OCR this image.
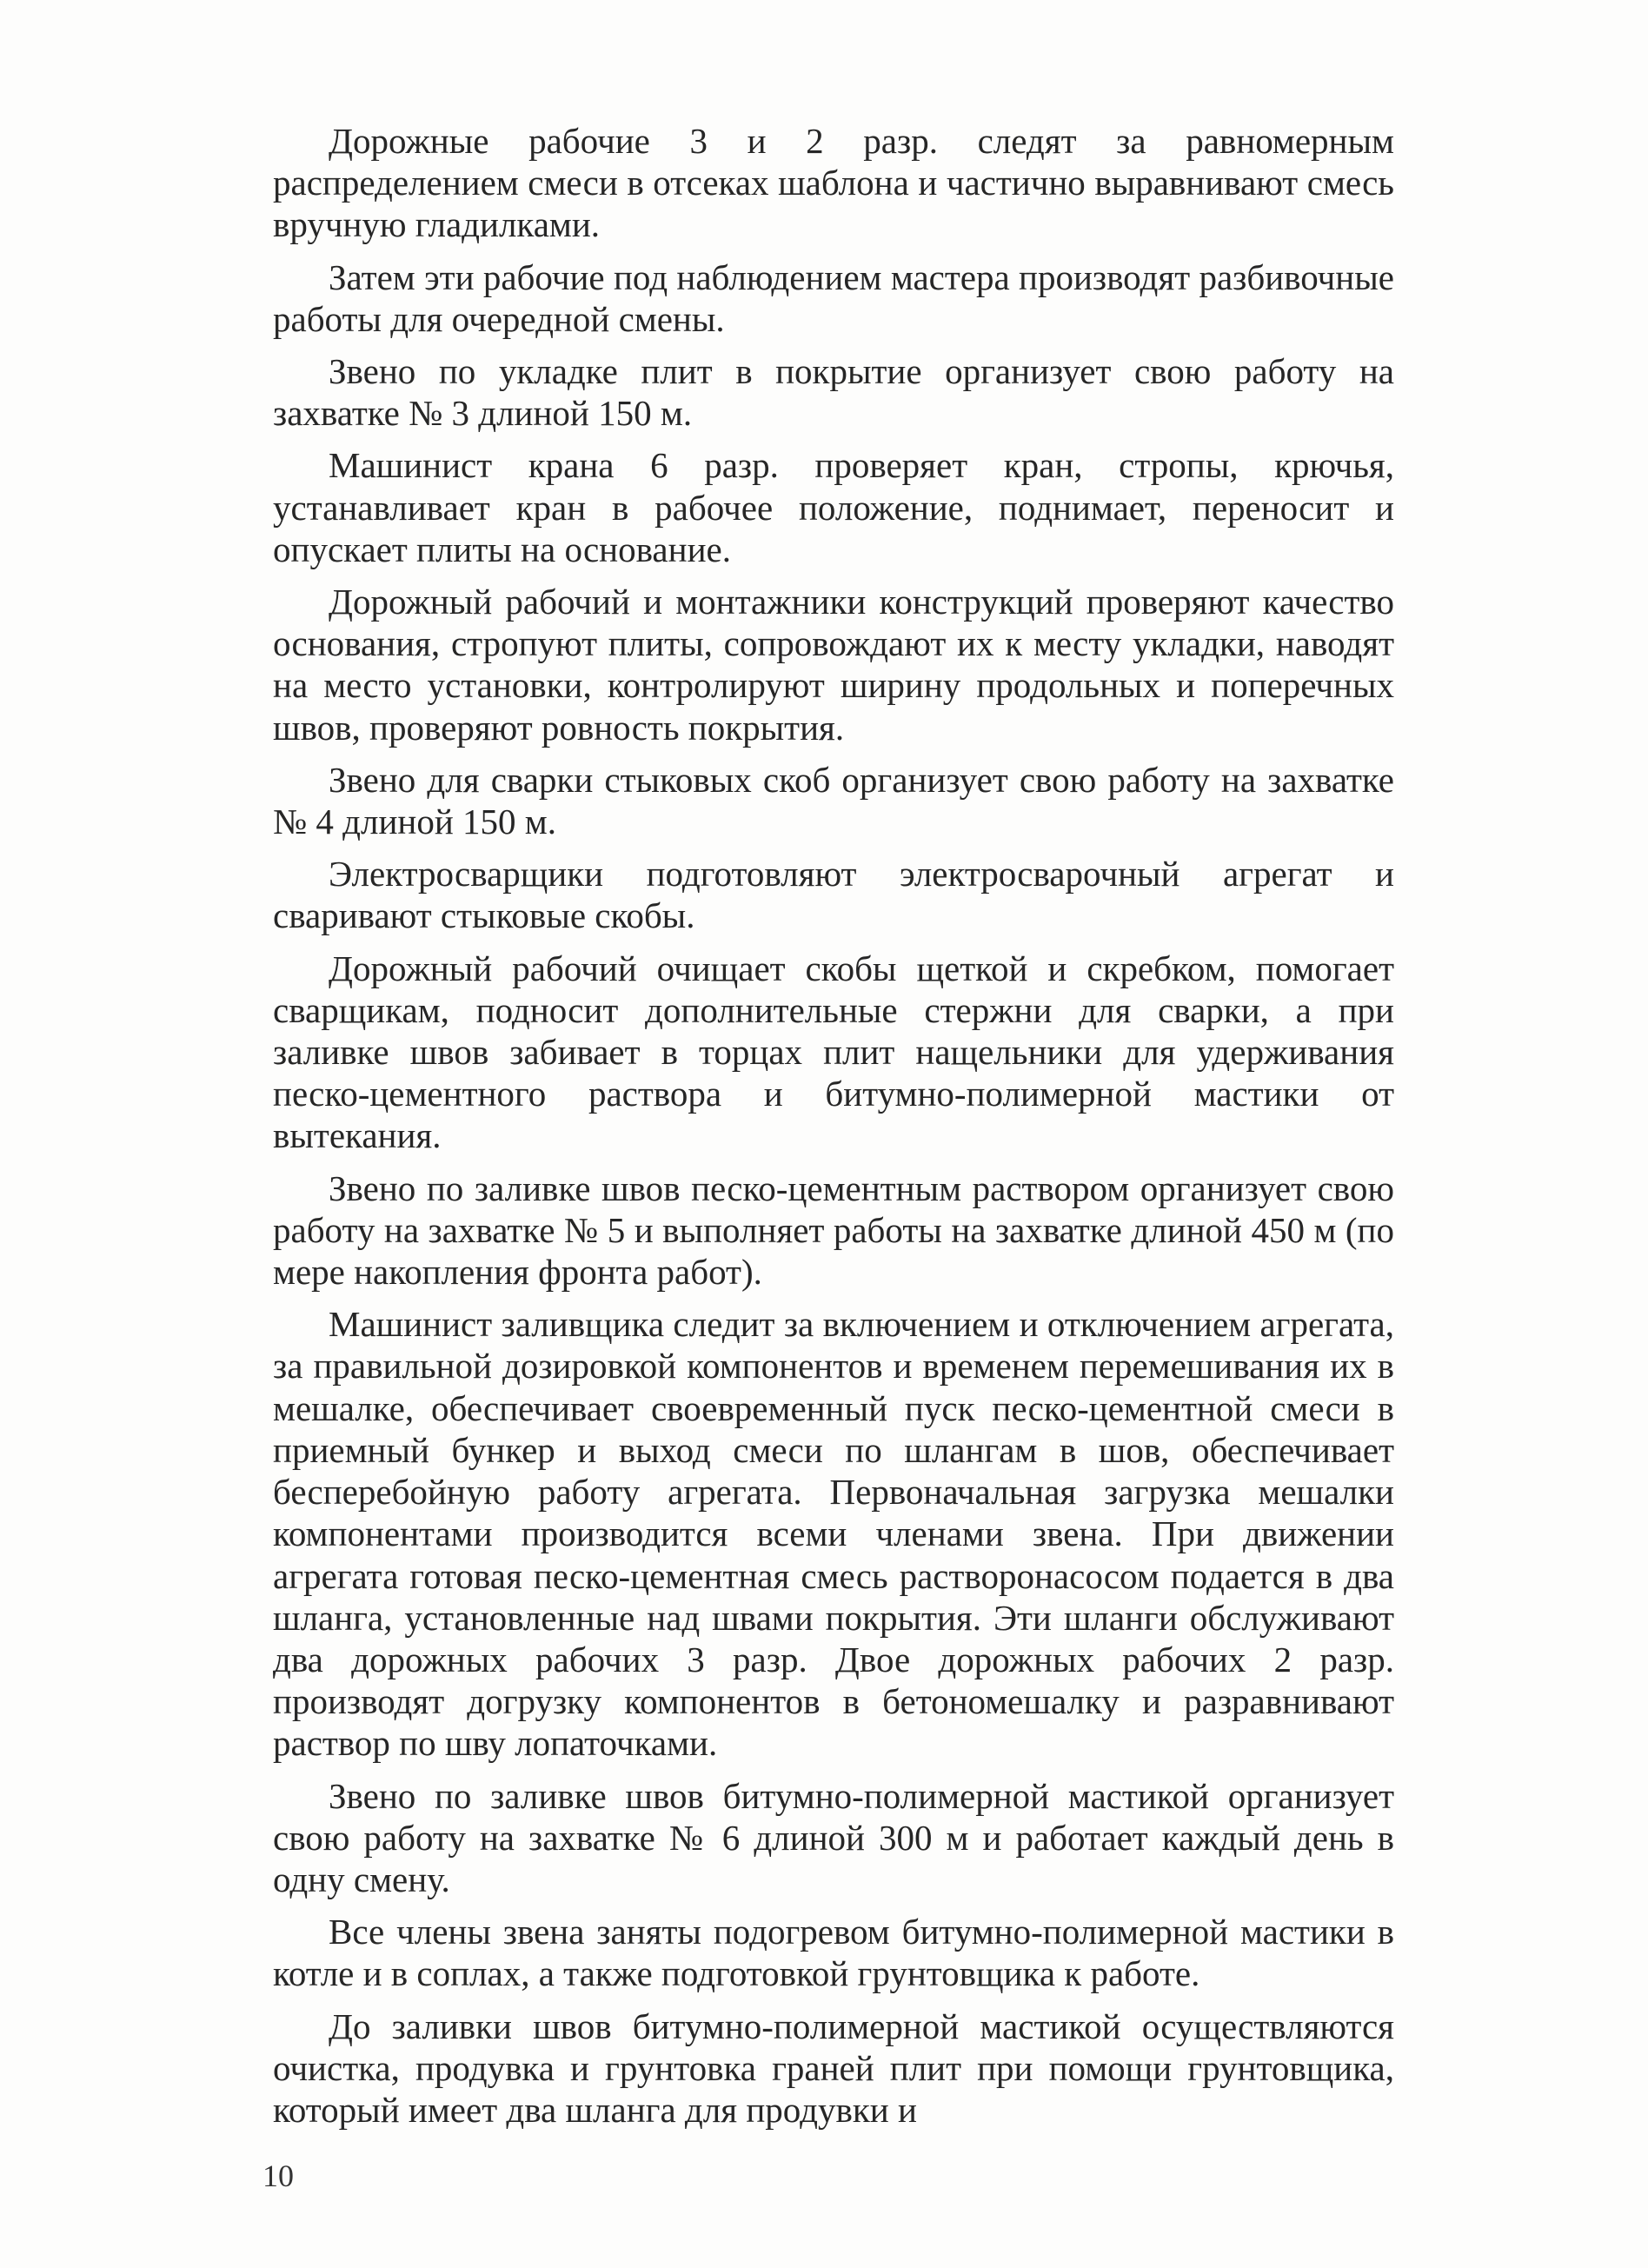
Дорожные рабочие 3 и 2 разр. следят за равномерным распределением смеси в отсеках шаблона и частично выравнивают смесь вручную гладилками.

Затем эти рабочие под наблюдением мастера производят разбивочные работы для очередной смены.

Звено по укладке плит в покрытие организует свою работу на захватке № 3 длиной 150 м.

Машинист крана 6 разр. проверяет кран, стропы, крючья, устанавливает кран в рабочее положение, поднимает, переносит и опускает плиты на основание.

Дорожный рабочий и монтажники конструкций проверяют качество основания, стропуют плиты, сопровождают их к месту укладки, наводят на место установки, контролируют ширину продольных и поперечных швов, проверяют ровность покрытия.

Звено для сварки стыковых скоб организует свою работу на захватке № 4 длиной 150 м.

Электросварщики подготовляют электросварочный агрегат и сваривают стыковые скобы.

Дорожный рабочий очищает скобы щеткой и скребком, помогает сварщикам, подносит дополнительные стержни для сварки, а при заливке швов забивает в торцах плит нащельники для удерживания песко-цементного раствора и битумно-полимерной мастики от вытекания.

Звено по заливке швов песко-цементным раствором организует свою работу на захватке № 5 и выполняет работы на захватке длиной 450 м (по мере накопления фронта работ).

Машинист заливщика следит за включением и отключением агрегата, за правильной дозировкой компонентов и временем перемешивания их в мешалке, обеспечивает своевременный пуск песко-цементной смеси в приемный бункер и выход смеси по шлангам в шов, обеспечивает бесперебойную работу агрегата. Первоначальная загрузка мешалки компонентами производится всеми членами звена. При движении агрегата готовая песко-цементная смесь растворонасосом подается в два шланга, установленные над швами покрытия. Эти шланги обслуживают два дорожных рабочих 3 разр. Двое дорожных рабочих 2 разр. производят догрузку компонентов в бетономешалку и разравнивают раствор по шву лопаточками.

Звено по заливке швов битумно-полимерной мастикой организует свою работу на захватке № 6 длиной 300 м и работает каждый день в одну смену.

Все члены звена заняты подогревом битумно-полимерной мастики в котле и в соплах, а также подготовкой грунтовщика к работе.

До заливки швов битумно-полимерной мастикой осуществляются очистка, продувка и грунтовка граней плит при помощи грунтовщика, который имеет два шланга для продувки и

10
